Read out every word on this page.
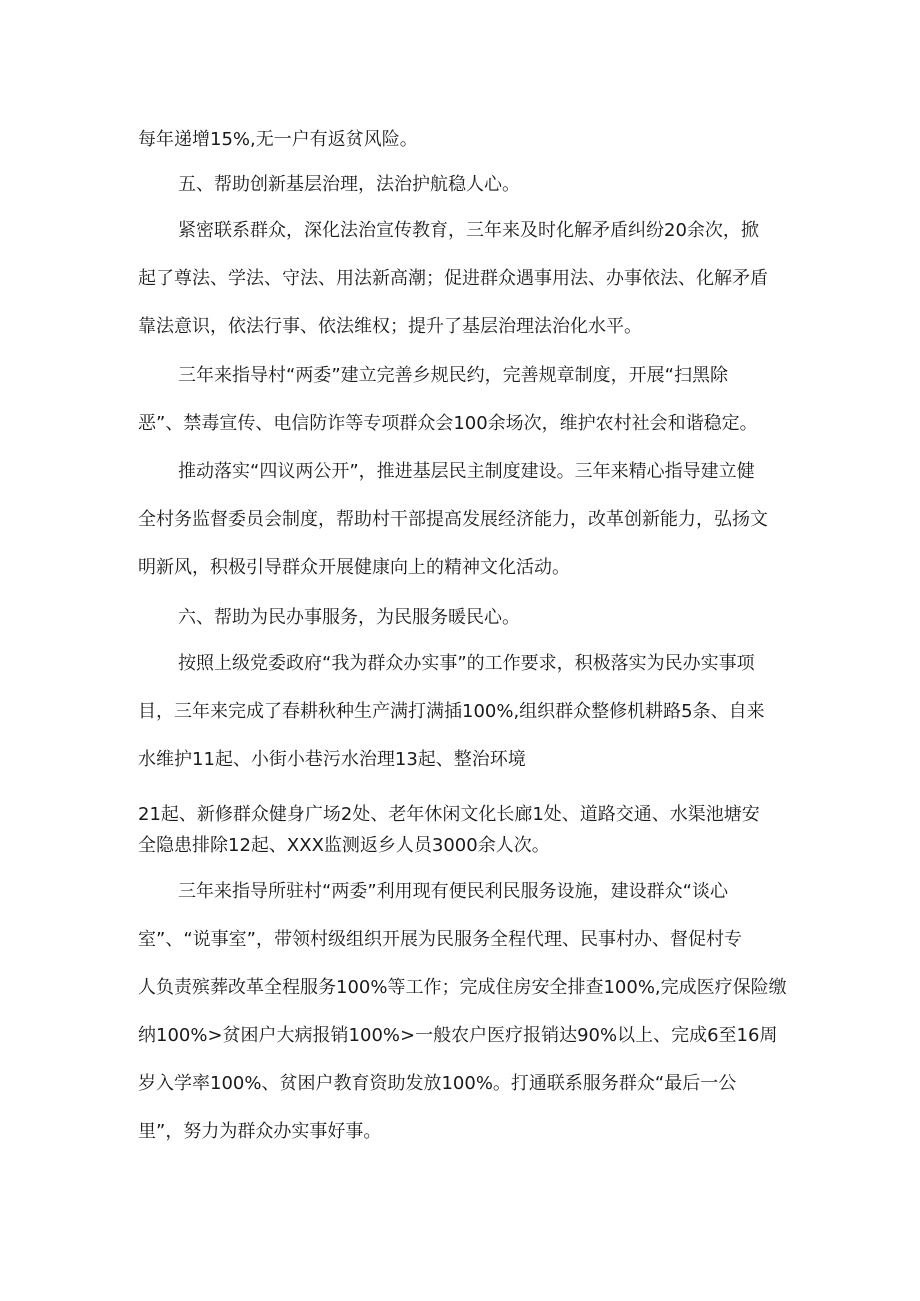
每年递增15%,无一户有返贫风险。

五、帮助创新基层治理，法治护航稳人心。

紧密联系群众，深化法治宣传教育，三年来及时化解矛盾纠纷20余次，掀
起了尊法、学法、守法、用法新高潮；促进群众遇事用法、办事依法、化解矛盾
靠法意识，依法行事、依法维权；提升了基层治理法治化水平。

三年来指导村“两委”建立完善乡规民约，完善规章制度，开展“扫黑除
恶”、禁毒宣传、电信防诈等专项群众会100余场次，维护农村社会和谐稳定。

推动落实“四议两公开”，推进基层民主制度建设。三年来精心指导建立健
全村务监督委员会制度，帮助村干部提高发展经济能力，改革创新能力，弘扬文
明新风，积极引导群众开展健康向上的精神文化活动。

六、帮助为民办事服务，为民服务暖民心。

按照上级党委政府“我为群众办实事”的工作要求，积极落实为民办实事项
目，三年来完成了春耕秋种生产满打满插100%,组织群众整修机耕路5条、自来
水维护11起、小街小巷污水治理13起、整治环境

21起、新修群众健身广场2处、老年休闲文化长廊1处、道路交通、水渠池塘安
全隐患排除12起、XXX监测返乡人员3000余人次。

三年来指导所驻村“两委”利用现有便民利民服务设施，建设群众“谈心
室”、“说事室”，带领村级组织开展为民服务全程代理、民事村办、督促村专
人负责殡葬改革全程服务100%等工作；完成住房安全排查100%,完成医疗保险缴
纳100%>贫困户大病报销100%>一般农户医疗报销达90%以上、完成6至16周
岁入学率100%、贫困户教育资助发放100%。打通联系服务群众“最后一公
里”，努力为群众办实事好事。
